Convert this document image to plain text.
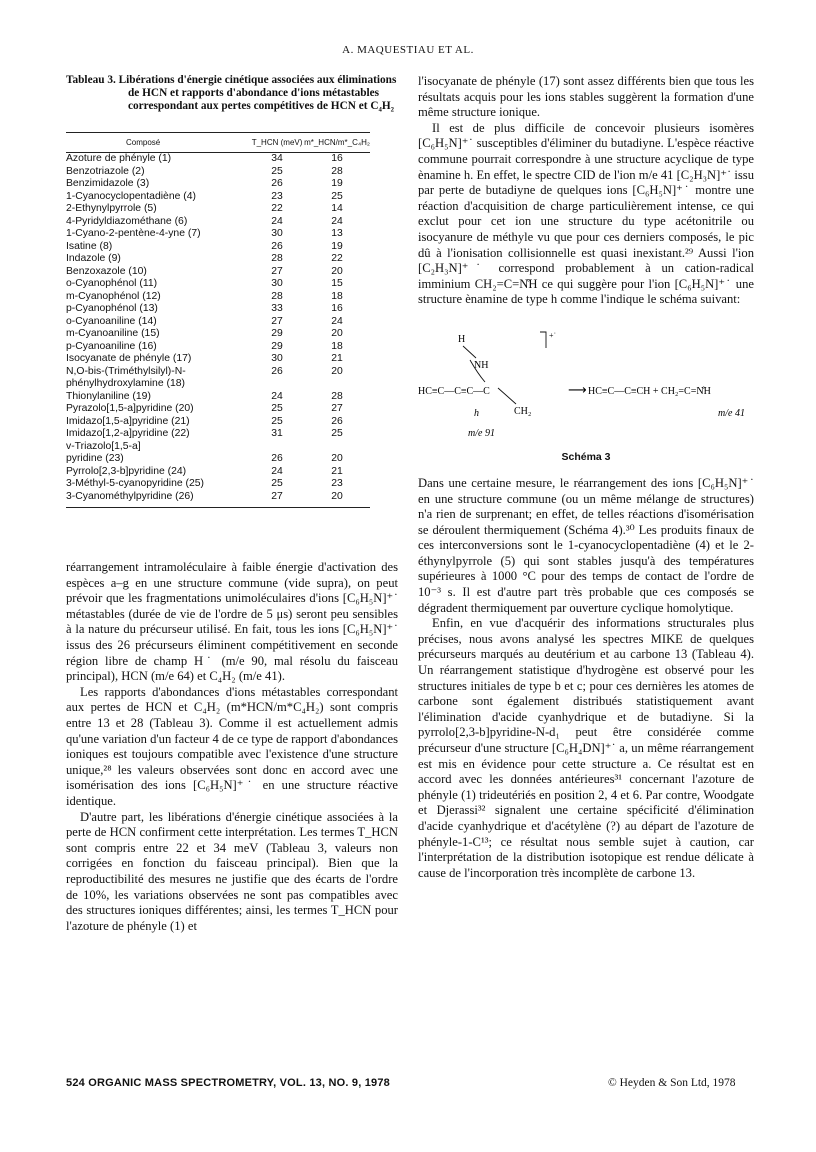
A. MAQUESTIAU ET AL.
Tableau 3. Libérations d'énergie cinétique associées aux éliminations de HCN et rapports d'abondance d'ions métastables correspondant aux pertes compétitives de HCN et C₄H₂
Composé	T_HCN (meV)	m*_HCN/m*_C₄H₂
Azoture de phényle (1)	34	16
Benzotriazole (2)	25	28
Benzimidazole (3)	26	19
1-Cyanocyclopentadiène (4)	23	25
2-Ethynylpyrrole (5)	22	14
4-Pyridyldiazométhane (6)	24	24
1-Cyano-2-pentène-4-yne (7)	30	13
Isatine (8)	26	19
Indazole (9)	28	22
Benzoxazole (10)	27	20
o-Cyanophénol (11)	30	15
m-Cyanophénol (12)	28	18
p-Cyanophénol (13)	33	16
o-Cyanoaniline (14)	27	24
m-Cyanoaniline (15)	29	20
p-Cyanoaniline (16)	29	18
Isocyanate de phényle (17)	30	21
N,O-bis-(Triméthylsilyl)-N-	26	20
phénylhydroxylamine (18)		
Thionylaniline (19)	24	28
Pyrazolo[1,5-a]pyridine (20)	25	27
Imidazo[1,5-a]pyridine (21)	25	26
Imidazo[1,2-a]pyridine (22)	31	25
v-Triazolo[1,5-a]		
pyridine (23)	26	20
Pyrrolo[2,3-b]pyridine (24)	24	21
3-Méthyl-5-cyanopyridine (25)	25	23
3-Cyanométhylpyridine (26)	27	20

réarrangement intramoléculaire à faible énergie d'activation des espèces a–g en une structure commune (vide supra), on peut prévoir que les fragmentations unimoléculaires d'ions [C₆H₅N]⁺˙ métastables (durée de vie de l'ordre de 5 μs) seront peu sensibles à la nature du précurseur utilisé. En fait, tous les ions [C₆H₅N]⁺˙ issus des 26 précurseurs éliminent compétitivement en seconde région libre de champ H˙ (m/e 90, mal résolu du faisceau principal), HCN (m/e 64) et C₄H₂ (m/e 41).

Les rapports d'abondances d'ions métastables correspondant aux pertes de HCN et C₄H₂ (m*HCN/m*C₄H₂) sont compris entre 13 et 28 (Tableau 3). Comme il est actuellement admis qu'une variation d'un facteur 4 de ce type de rapport d'abondances ioniques est toujours compatible avec l'existence d'une structure unique,²⁸ les valeurs observées sont donc en accord avec une isomérisation des ions [C₆H₅N]⁺˙ en une structure réactive identique.

D'autre part, les libérations d'énergie cinétique associées à la perte de HCN confirment cette interprétation. Les termes T_HCN sont compris entre 22 et 34 meV (Tableau 3, valeurs non corrigées en fonction du faisceau principal). Bien que la reproductibilité des mesures ne justifie que des écarts de l'ordre de 10%, les variations observées ne sont pas compatibles avec des structures ioniques différentes; ainsi, les termes T_HCN pour l'azoture de phényle (1) et

l'isocyanate de phényle (17) sont assez différents bien que tous les résultats acquis pour les ions stables suggèrent la formation d'une même structure ionique.

Il est de plus difficile de concevoir plusieurs isomères [C₆H₅N]⁺˙ susceptibles d'éliminer du butadiyne. L'espèce réactive commune pourrait correspondre à une structure acyclique de type ènamine h. En effet, le spectre CID de l'ion m/e 41 [C₂H₃N]⁺˙ issu par perte de butadiyne de quelques ions [C₆H₅N]⁺˙ montre une réaction d'acquisition de charge particulièrement intense, ce qui exclut pour cet ion une structure du type acétonitrile ou isocyanure de méthyle vu que pour ces derniers composés, le pic dû à l'ionisation collisionnelle est quasi inexistant.²⁹ Aussi l'ion [C₂H₃N]⁺˙ correspond probablement à un cation-radical imminium CH₂=C=N̊H ce qui suggère pour l'ion [C₆H₅N]⁺˙ une structure ènamine de type h comme l'indique le schéma suivant:

H
NH
HC≡C—C≡C—C
CH₂
h
m/e 91
+˙
⟶ HC≡C—C≡CH + CH₂=C=N̊H
m/e 41
Schéma 3

Dans une certaine mesure, le réarrangement des ions [C₆H₅N]⁺˙ en une structure commune (ou un même mélange de structures) n'a rien de surprenant; en effet, de telles réactions d'isomérisation se déroulent thermiquement (Schéma 4).³⁰ Les produits finaux de ces interconversions sont le 1-cyanocyclopentadiène (4) et le 2-éthynylpyrrole (5) qui sont stables jusqu'à des températures supérieures à 1000 °C pour des temps de contact de l'ordre de 10⁻³ s. Il est d'autre part très probable que ces composés se dégradent thermiquement par ouverture cyclique homolytique.

Enfin, en vue d'acquérir des informations structurales plus précises, nous avons analysé les spectres MIKE de quelques précurseurs marqués au deutérium et au carbone 13 (Tableau 4). Un réarrangement statistique d'hydrogène est observé pour les structures initiales de type b et c; pour ces dernières les atomes de carbone sont également distribués statistiquement avant l'élimination d'acide cyanhydrique et de butadiyne. Si la pyrrolo[2,3-b]pyridine-N-d₁ peut être considérée comme précurseur d'une structure [C₆H₄DN]⁺˙ a, un même réarrangement est mis en évidence pour cette structure a. Ce résultat est en accord avec les données antérieures³¹ concernant l'azoture de phényle (1) trideutériés en position 2, 4 et 6. Par contre, Woodgate et Djerassi³² signalent une certaine spécificité d'élimination d'acide cyanhydrique et d'acétylène (?) au départ de l'azoture de phényle-1-C¹³; ce résultat nous semble sujet à caution, car l'interprétation de la distribution isotopique est rendue délicate à cause de l'incorporation très incomplète de carbone 13.

524 ORGANIC MASS SPECTROMETRY, VOL. 13, NO. 9, 1978	© Heyden & Son Ltd, 1978
